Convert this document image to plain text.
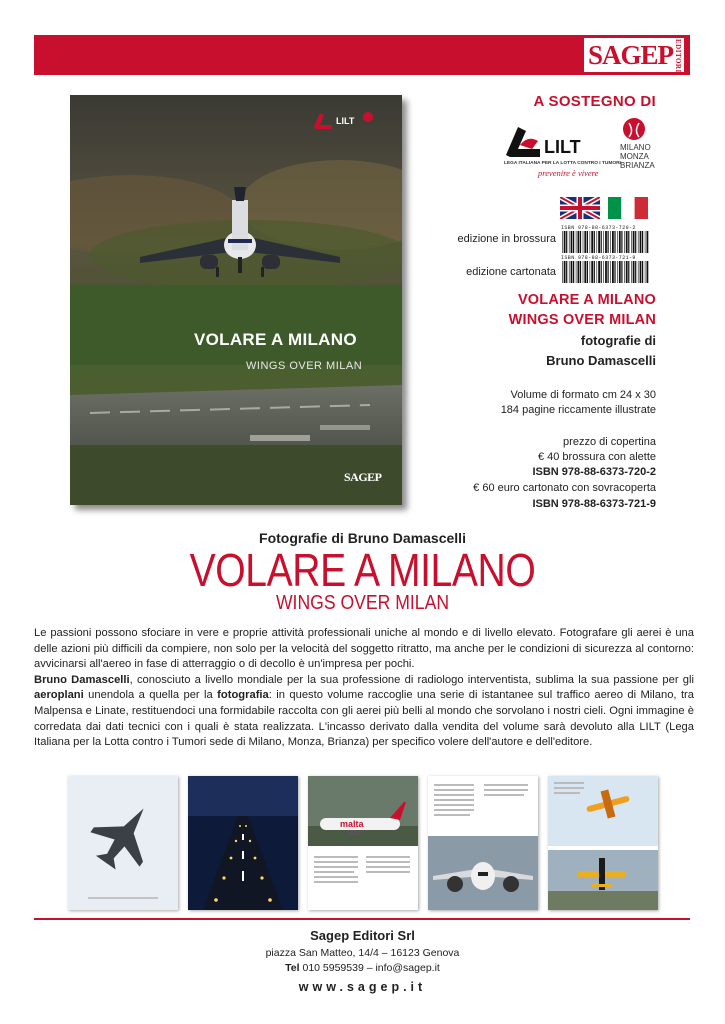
SAGEP EDITORI
LILT
VOLARE A MILANO
WINGS OVER MILAN
SAGEP
A SOSTEGNO DI
LILT
LEGA ITALIANA PER LA LOTTA CONTRO I TUMORI
prevenire è vivere
MILANO
MONZA
BRIANZA
edizione in brossura
ISBN 978-88-6373-720-2
edizione cartonata
ISBN 978-88-6373-721-9
VOLARE A MILANO
WINGS OVER MILAN
fotografie di
Bruno Damascelli
Volume di formato cm 24 x 30
184 pagine riccamente illustrate
prezzo di copertina
€ 40 brossura con alette
ISBN 978-88-6373-720-2
€ 60 euro cartonato con sovracoperta
ISBN 978-88-6373-721-9
Fotografie di Bruno Damascelli
VOLARE A MILANO
WINGS OVER MILAN

Le passioni possono sfociare in vere e proprie attività professionali uniche al mondo e di livello elevato. Fotografare gli aerei è una delle azioni più difficili da compiere, non solo per la velocità del soggetto ritratto, ma anche per le condizioni di sicurezza al contorno: avvicinarsi all'aereo in fase di atterraggio o di decollo è un'impresa per pochi.

Bruno Damascelli, conosciuto a livello mondiale per la sua professione di radiologo interventista, sublima la sua passione per gli aeroplani unendola a quella per la fotografia: in questo volume raccoglie una serie di istantanee sul traffico aereo di Milano, tra Malpensa e Linate, restituendoci una formidabile raccolta con gli aerei più belli al mondo che sorvolano i nostri cieli. Ogni immagine è corredata dai dati tecnici con i quali è stata realizzata. L'incasso derivato dalla vendita del volume sarà devoluto alla LILT (Lega Italiana per la Lotta contro i Tumori sede di Milano, Monza, Brianza) per specifico volere dell'autore e dell'editore.

malta
Sagep Editori Srl
piazza San Matteo, 14/4 – 16123 Genova
Tel 010 5959539 – info@sagep.it
www.sagep.it
